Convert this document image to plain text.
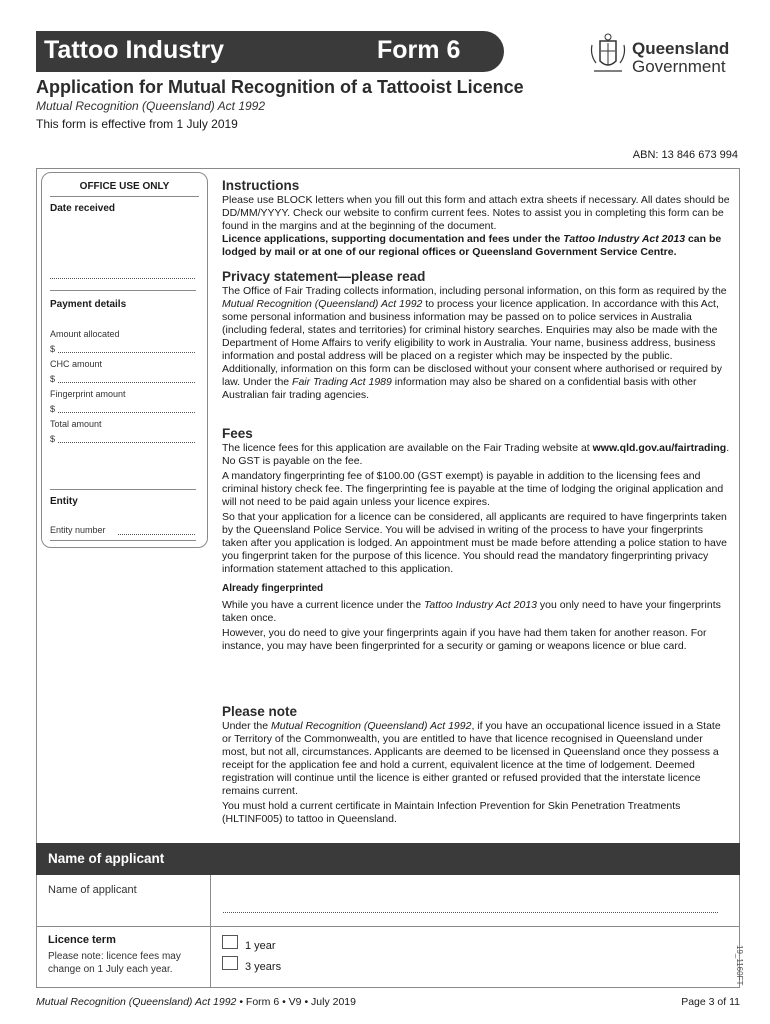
Tattoo Industry	Form 6	Queensland
Government
Application for Mutual Recognition of a Tattooist Licence
Mutual Recognition (Queensland) Act 1992
This form is effective from 1 July 2019
ABN: 13 846 673 994
OFFICE USE ONLY
Date received
Payment details
Amount allocated
$
CHC amount
$
Fingerprint amount
$
Total amount
$
Entity
Entity number
Instructions

Please use BLOCK letters when you fill out this form and attach extra sheets if necessary. All dates should be DD/MM/YYYY. Check our website to confirm current fees. Notes to assist you in completing this form can be found in the margins and at the beginning of the document.

Licence applications, supporting documentation and fees under the Tattoo Industry Act 2013 can be lodged by mail or at one of our regional offices or Queensland Government Service Centre.

Privacy statement—please read

The Office of Fair Trading collects information, including personal information, on this form as required by the Mutual Recognition (Queensland) Act 1992 to process your licence application. In accordance with this Act, some personal information and business information may be passed on to police services in Australia (including federal, states and territories) for criminal history searches. Enquiries may also be made with the Department of Home Affairs to verify eligibility to work in Australia. Your name, business address, business information and postal address will be placed on a register which may be inspected by the public. Additionally, information on this form can be disclosed without your consent where authorised or required by law. Under the Fair Trading Act 1989 information may also be shared on a confidential basis with other Australian fair trading agencies.

Fees

The licence fees for this application are available on the Fair Trading website at www.qld.gov.au/fairtrading. No GST is payable on the fee.

A mandatory fingerprinting fee of $100.00 (GST exempt) is payable in addition to the licensing fees and criminal history check fee. The fingerprinting fee is payable at the time of lodging the original application and will not need to be paid again unless your licence expires.

So that your application for a licence can be considered, all applicants are required to have fingerprints taken by the Queensland Police Service. You will be advised in writing of the process to have your fingerprints taken after you application is lodged. An appointment must be made before attending a police station to have you fingerprint taken for the purpose of this licence. You should read the mandatory fingerprinting privacy information statement attached to this application.

Already fingerprinted

While you have a current licence under the Tattoo Industry Act 2013 you only need to have your fingerprints taken once.

However, you do need to give your fingerprints again if you have had them taken for another reason. For instance, you may have been fingerprinted for a security or gaming or weapons licence or blue card.

Please note

Under the Mutual Recognition (Queensland) Act 1992, if you have an occupational licence issued in a State or Territory of the Commonwealth, you are entitled to have that licence recognised in Queensland under most, but not all, circumstances. Applicants are deemed to be licensed in Queensland once they possess a receipt for the application fee and hold a current, equivalent licence at the time of lodgement. Deemed registration will continue until the licence is either granted or refused provided that the interstate licence remains current.

You must hold a current certificate in Maintain Infection Prevention for Skin Penetration Treatments (HLTINF005) to tattoo in Queensland.

Name of applicant
Name of applicant
Licence term
Please note: licence fees may change on 1 July each year.
1 year
3 years	19_1160FT
Mutual Recognition (Queensland) Act 1992 • Form 6 • V9 • July 2019	Page 3 of 11
